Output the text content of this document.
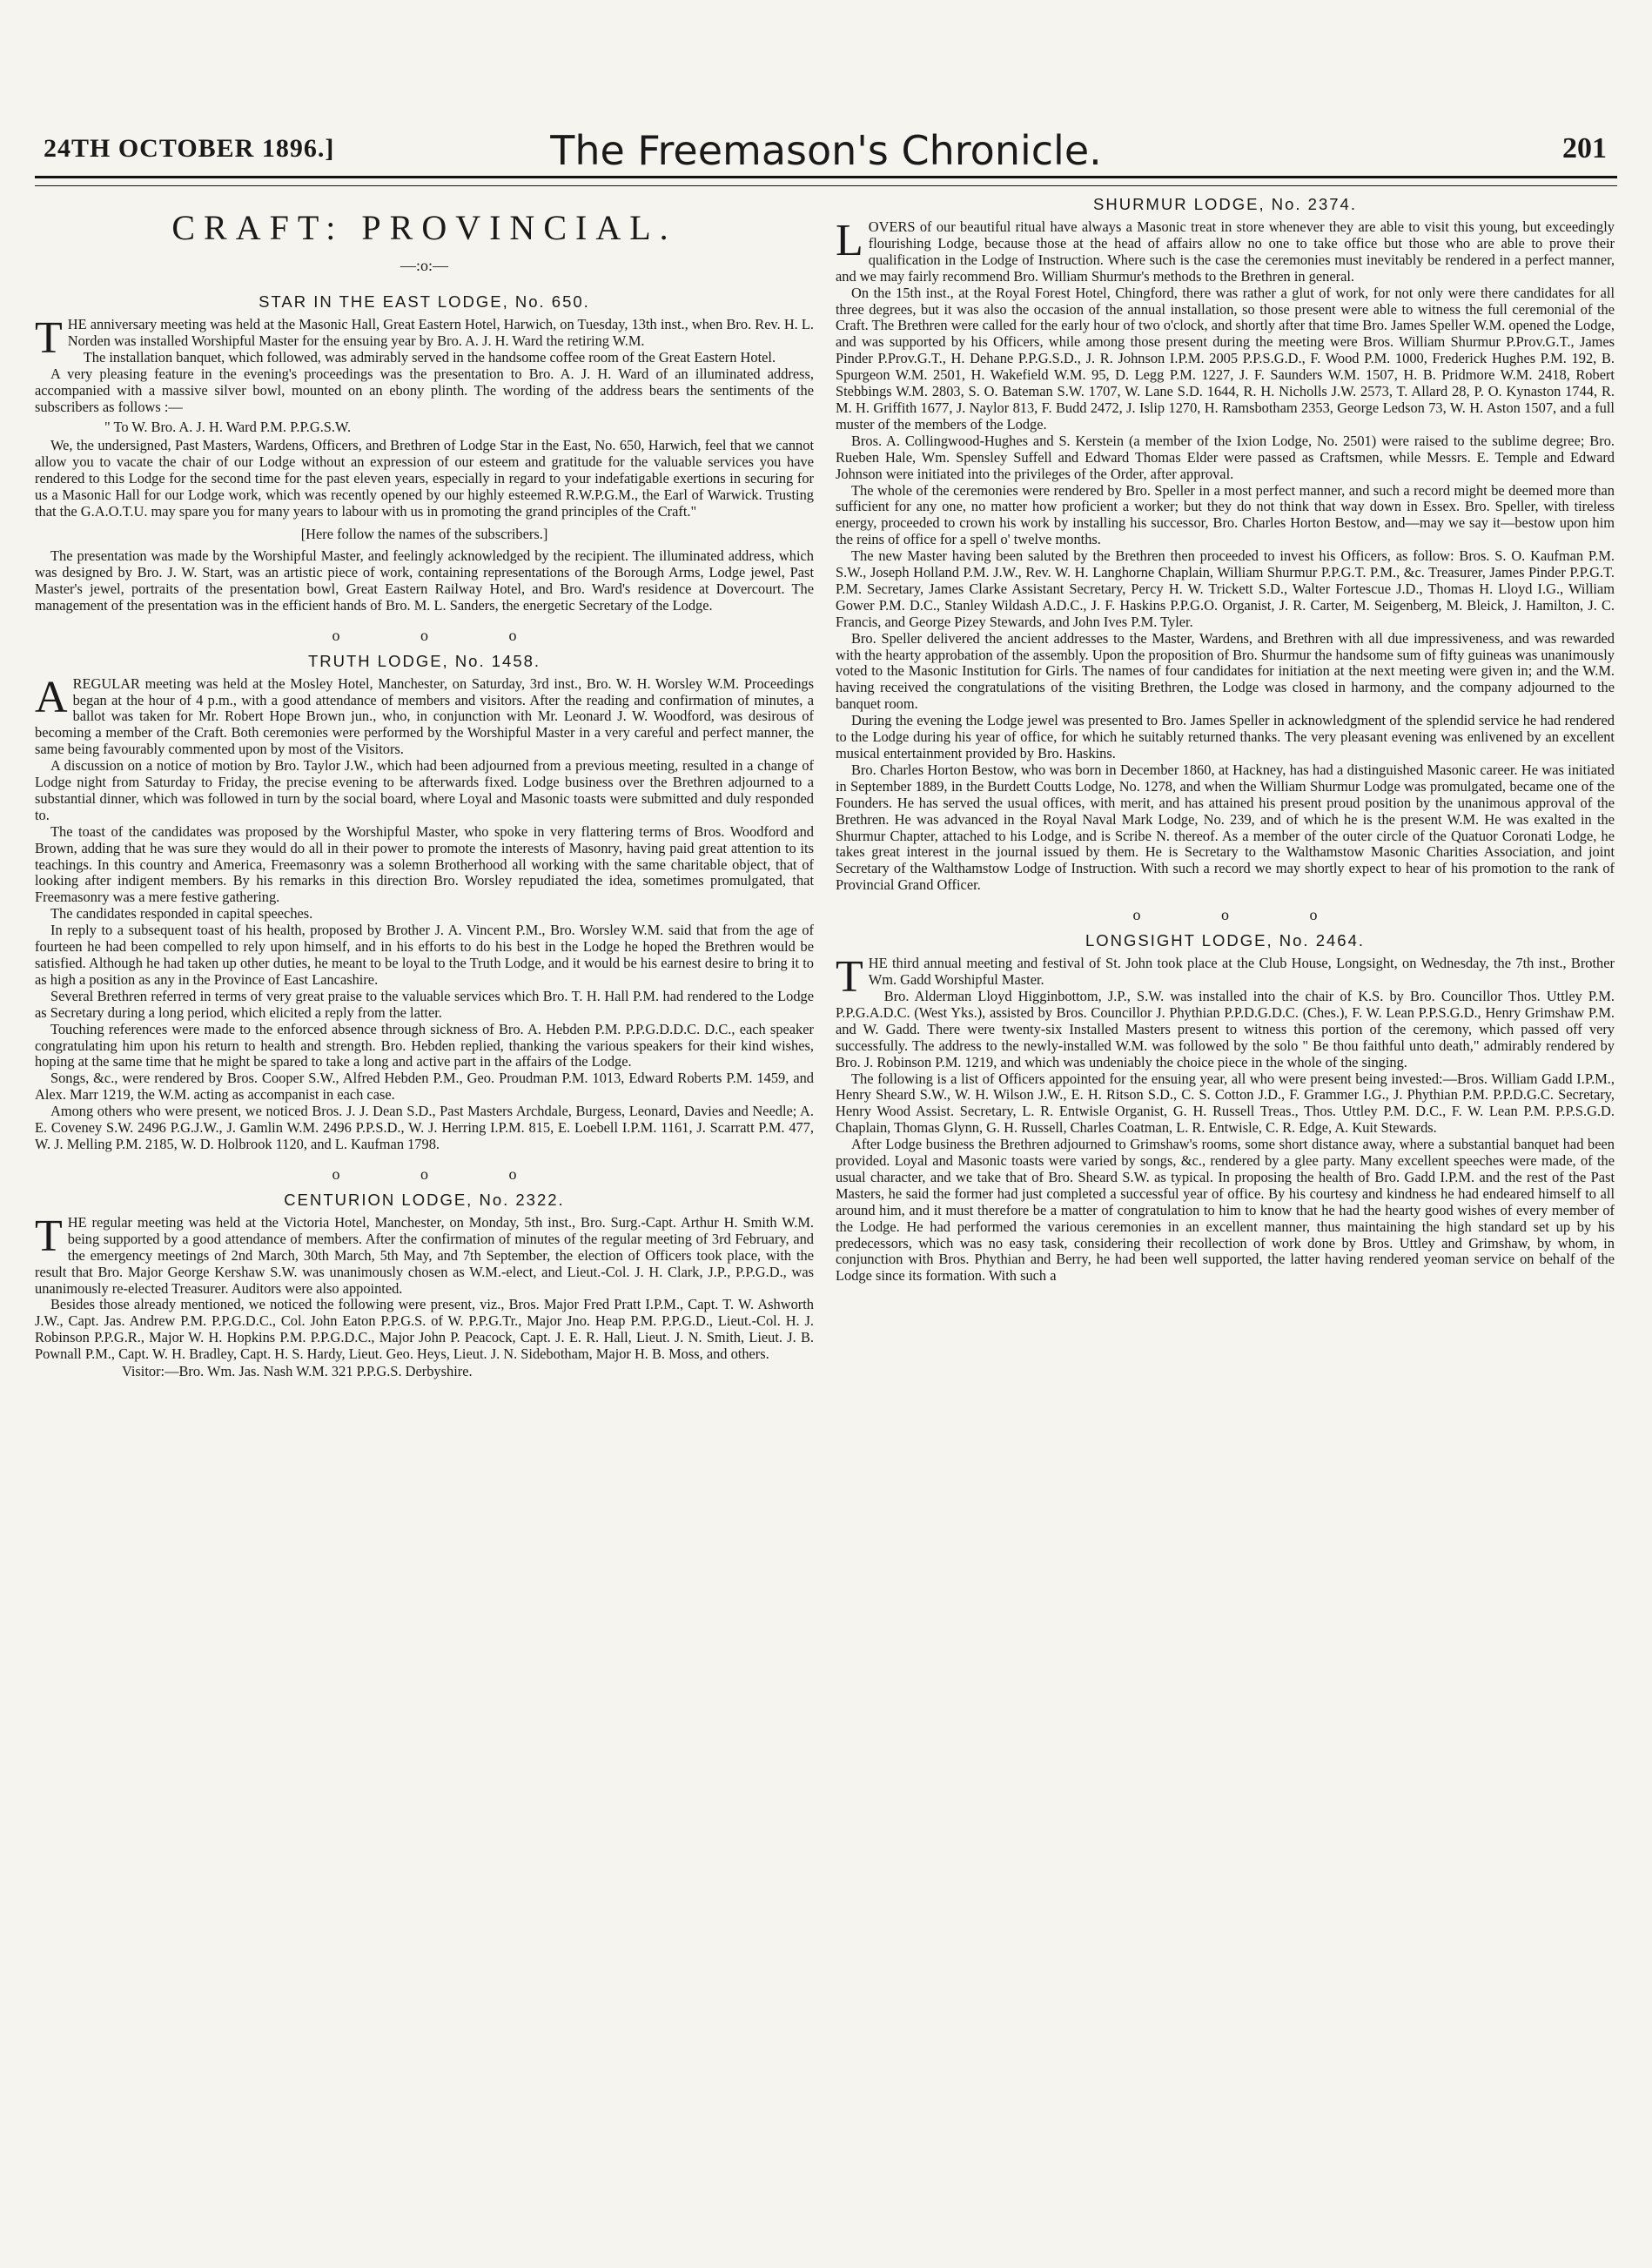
24TH OCTOBER 1896.]	The Freemason's Chronicle.	201
CRAFT: PROVINCIAL.
—:o:—
STAR IN THE EAST LODGE, No. 650.

THE anniversary meeting was held at the Masonic Hall, Great Eastern Hotel, Harwich, on Tuesday, 13th inst., when Bro. Rev. H. L. Norden was installed Worshipful Master for the ensuing year by Bro. A. J. H. Ward the retiring W.M.

The installation banquet, which followed, was admirably served in the handsome coffee room of the Great Eastern Hotel.

A very pleasing feature in the evening's proceedings was the presentation to Bro. A. J. H. Ward of an illuminated address, accompanied with a massive silver bowl, mounted on an ebony plinth. The wording of the address bears the sentiments of the subscribers as follows :—

" To W. Bro. A. J. H. Ward P.M. P.P.G.S.W.

We, the undersigned, Past Masters, Wardens, Officers, and Brethren of Lodge Star in the East, No. 650, Harwich, feel that we cannot allow you to vacate the chair of our Lodge without an expression of our esteem and gratitude for the valuable services you have rendered to this Lodge for the second time for the past eleven years, especially in regard to your indefatigable exertions in securing for us a Masonic Hall for our Lodge work, which was recently opened by our highly esteemed R.W.P.G.M., the Earl of Warwick. Trusting that the G.A.O.T.U. may spare you for many years to labour with us in promoting the grand principles of the Craft."

[Here follow the names of the subscribers.]

The presentation was made by the Worshipful Master, and feelingly acknowledged by the recipient. The illuminated address, which was designed by Bro. J. W. Start, was an artistic piece of work, containing representations of the Borough Arms, Lodge jewel, Past Master's jewel, portraits of the presentation bowl, Great Eastern Railway Hotel, and Bro. Ward's residence at Dovercourt. The management of the presentation was in the efficient hands of Bro. M. L. Sanders, the energetic Secretary of the Lodge.

o o o
TRUTH LODGE, No. 1458.

AREGULAR meeting was held at the Mosley Hotel, Manchester, on Saturday, 3rd inst., Bro. W. H. Worsley W.M. Proceedings began at the hour of 4 p.m., with a good attendance of members and visitors. After the reading and confirmation of minutes, a ballot was taken for Mr. Robert Hope Brown jun., who, in conjunction with Mr. Leonard J. W. Woodford, was desirous of becoming a member of the Craft. Both ceremonies were performed by the Worshipful Master in a very careful and perfect manner, the same being favourably commented upon by most of the Visitors.

A discussion on a notice of motion by Bro. Taylor J.W., which had been adjourned from a previous meeting, resulted in a change of Lodge night from Saturday to Friday, the precise evening to be afterwards fixed. Lodge business over the Brethren adjourned to a substantial dinner, which was followed in turn by the social board, where Loyal and Masonic toasts were submitted and duly responded to.

The toast of the candidates was proposed by the Worshipful Master, who spoke in very flattering terms of Bros. Woodford and Brown, adding that he was sure they would do all in their power to promote the interests of Masonry, having paid great attention to its teachings. In this country and America, Freemasonry was a solemn Brotherhood all working with the same charitable object, that of looking after indigent members. By his remarks in this direction Bro. Worsley repudiated the idea, sometimes promulgated, that Freemasonry was a mere festive gathering.

The candidates responded in capital speeches.

In reply to a subsequent toast of his health, proposed by Brother J. A. Vincent P.M., Bro. Worsley W.M. said that from the age of fourteen he had been compelled to rely upon himself, and in his efforts to do his best in the Lodge he hoped the Brethren would be satisfied. Although he had taken up other duties, he meant to be loyal to the Truth Lodge, and it would be his earnest desire to bring it to as high a position as any in the Province of East Lancashire.

Several Brethren referred in terms of very great praise to the valuable services which Bro. T. H. Hall P.M. had rendered to the Lodge as Secretary during a long period, which elicited a reply from the latter.

Touching references were made to the enforced absence through sickness of Bro. A. Hebden P.M. P.P.G.D.D.C. D.C., each speaker congratulating him upon his return to health and strength. Bro. Hebden replied, thanking the various speakers for their kind wishes, hoping at the same time that he might be spared to take a long and active part in the affairs of the Lodge.

Songs, &c., were rendered by Bros. Cooper S.W., Alfred Hebden P.M., Geo. Proudman P.M. 1013, Edward Roberts P.M. 1459, and Alex. Marr 1219, the W.M. acting as accompanist in each case.

Among others who were present, we noticed Bros. J. J. Dean S.D., Past Masters Archdale, Burgess, Leonard, Davies and Needle; A. E. Coveney S.W. 2496 P.G.J.W., J. Gamlin W.M. 2496 P.P.S.D., W. J. Herring I.P.M. 815, E. Loebell I.P.M. 1161, J. Scarratt P.M. 477, W. J. Melling P.M. 2185, W. D. Holbrook 1120, and L. Kaufman 1798.

o o o
CENTURION LODGE, No. 2322.

THE regular meeting was held at the Victoria Hotel, Manchester, on Monday, 5th inst., Bro. Surg.-Capt. Arthur H. Smith W.M. being supported by a good attendance of members. After the confirmation of minutes of the regular meeting of 3rd February, and the emergency meetings of 2nd March, 30th March, 5th May, and 7th September, the election of Officers took place, with the result that Bro. Major George Kershaw S.W. was unanimously chosen as W.M.-elect, and Lieut.-Col. J. H. Clark, J.P., P.P.G.D., was unanimously re-elected Treasurer. Auditors were also appointed.

Besides those already mentioned, we noticed the following were present, viz., Bros. Major Fred Pratt I.P.M., Capt. T. W. Ashworth J.W., Capt. Jas. Andrew P.M. P.P.G.D.C., Col. John Eaton P.P.G.S. of W. P.P.G.Tr., Major Jno. Heap P.M. P.P.G.D., Lieut.-Col. H. J. Robinson P.P.G.R., Major W. H. Hopkins P.M. P.P.G.D.C., Major John P. Peacock, Capt. J. E. R. Hall, Lieut. J. N. Smith, Lieut. J. B. Pownall P.M., Capt. W. H. Bradley, Capt. H. S. Hardy, Lieut. Geo. Heys, Lieut. J. N. Sidebotham, Major H. B. Moss, and others.

Visitor:—Bro. Wm. Jas. Nash W.M. 321 P.P.G.S. Derbyshire.

SHURMUR LODGE, No. 2374.

LOVERS of our beautiful ritual have always a Masonic treat in store whenever they are able to visit this young, but exceedingly flourishing Lodge, because those at the head of affairs allow no one to take office but those who are able to prove their qualification in the Lodge of Instruction. Where such is the case the ceremonies must inevitably be rendered in a perfect manner, and we may fairly recommend Bro. William Shurmur's methods to the Brethren in general.

On the 15th inst., at the Royal Forest Hotel, Chingford, there was rather a glut of work, for not only were there candidates for all three degrees, but it was also the occasion of the annual installation, so those present were able to witness the full ceremonial of the Craft. The Brethren were called for the early hour of two o'clock, and shortly after that time Bro. James Speller W.M. opened the Lodge, and was supported by his Officers, while among those present during the meeting were Bros. William Shurmur P.Prov.G.T., James Pinder P.Prov.G.T., H. Dehane P.P.G.S.D., J. R. Johnson I.P.M. 2005 P.P.S.G.D., F. Wood P.M. 1000, Frederick Hughes P.M. 192, B. Spurgeon W.M. 2501, H. Wakefield W.M. 95, D. Legg P.M. 1227, J. F. Saunders W.M. 1507, H. B. Pridmore W.M. 2418, Robert Stebbings W.M. 2803, S. O. Bateman S.W. 1707, W. Lane S.D. 1644, R. H. Nicholls J.W. 2573, T. Allard 28, P. O. Kynaston 1744, R. M. H. Griffith 1677, J. Naylor 813, F. Budd 2472, J. Islip 1270, H. Ramsbotham 2353, George Ledson 73, W. H. Aston 1507, and a full muster of the members of the Lodge.

Bros. A. Collingwood-Hughes and S. Kerstein (a member of the Ixion Lodge, No. 2501) were raised to the sublime degree; Bro. Rueben Hale, Wm. Spensley Suffell and Edward Thomas Elder were passed as Craftsmen, while Messrs. E. Temple and Edward Johnson were initiated into the privileges of the Order, after approval.

The whole of the ceremonies were rendered by Bro. Speller in a most perfect manner, and such a record might be deemed more than sufficient for any one, no matter how proficient a worker; but they do not think that way down in Essex. Bro. Speller, with tireless energy, proceeded to crown his work by installing his successor, Bro. Charles Horton Bestow, and—may we say it—bestow upon him the reins of office for a spell o' twelve months.

The new Master having been saluted by the Brethren then proceeded to invest his Officers, as follow: Bros. S. O. Kaufman P.M. S.W., Joseph Holland P.M. J.W., Rev. W. H. Langhorne Chaplain, William Shurmur P.P.G.T. P.M., &c. Treasurer, James Pinder P.P.G.T. P.M. Secretary, James Clarke Assistant Secretary, Percy H. W. Trickett S.D., Walter Fortescue J.D., Thomas H. Lloyd I.G., William Gower P.M. D.C., Stanley Wildash A.D.C., J. F. Haskins P.P.G.O. Organist, J. R. Carter, M. Seigenberg, M. Bleick, J. Hamilton, J. C. Francis, and George Pizey Stewards, and John Ives P.M. Tyler.

Bro. Speller delivered the ancient addresses to the Master, Wardens, and Brethren with all due impressiveness, and was rewarded with the hearty approbation of the assembly. Upon the proposition of Bro. Shurmur the handsome sum of fifty guineas was unanimously voted to the Masonic Institution for Girls. The names of four candidates for initiation at the next meeting were given in; and the W.M. having received the congratulations of the visiting Brethren, the Lodge was closed in harmony, and the company adjourned to the banquet room.

During the evening the Lodge jewel was presented to Bro. James Speller in acknowledgment of the splendid service he had rendered to the Lodge during his year of office, for which he suitably returned thanks. The very pleasant evening was enlivened by an excellent musical entertainment provided by Bro. Haskins.

Bro. Charles Horton Bestow, who was born in December 1860, at Hackney, has had a distinguished Masonic career. He was initiated in September 1889, in the Burdett Coutts Lodge, No. 1278, and when the William Shurmur Lodge was promulgated, became one of the Founders. He has served the usual offices, with merit, and has attained his present proud position by the unanimous approval of the Brethren. He was advanced in the Royal Naval Mark Lodge, No. 239, and of which he is the present W.M. He was exalted in the Shurmur Chapter, attached to his Lodge, and is Scribe N. thereof. As a member of the outer circle of the Quatuor Coronati Lodge, he takes great interest in the journal issued by them. He is Secretary to the Walthamstow Masonic Charities Association, and joint Secretary of the Walthamstow Lodge of Instruction. With such a record we may shortly expect to hear of his promotion to the rank of Provincial Grand Officer.

o o o
LONGSIGHT LODGE, No. 2464.

THE third annual meeting and festival of St. John took place at the Club House, Longsight, on Wednesday, the 7th inst., Brother Wm. Gadd Worshipful Master.

Bro. Alderman Lloyd Higginbottom, J.P., S.W. was installed into the chair of K.S. by Bro. Councillor Thos. Uttley P.M. P.P.G.A.D.C. (West Yks.), assisted by Bros. Councillor J. Phythian P.P.D.G.D.C. (Ches.), F. W. Lean P.P.S.G.D., Henry Grimshaw P.M. and W. Gadd. There were twenty-six Installed Masters present to witness this portion of the ceremony, which passed off very successfully. The address to the newly-installed W.M. was followed by the solo " Be thou faithful unto death," admirably rendered by Bro. J. Robinson P.M. 1219, and which was undeniably the choice piece in the whole of the singing.

The following is a list of Officers appointed for the ensuing year, all who were present being invested:—Bros. William Gadd I.P.M., Henry Sheard S.W., W. H. Wilson J.W., E. H. Ritson S.D., C. S. Cotton J.D., F. Grammer I.G., J. Phythian P.M. P.P.D.G.C. Secretary, Henry Wood Assist. Secretary, L. R. Entwisle Organist, G. H. Russell Treas., Thos. Uttley P.M. D.C., F. W. Lean P.M. P.P.S.G.D. Chaplain, Thomas Glynn, G. H. Russell, Charles Coatman, L. R. Entwisle, C. R. Edge, A. Kuit Stewards.

After Lodge business the Brethren adjourned to Grimshaw's rooms, some short distance away, where a substantial banquet had been provided. Loyal and Masonic toasts were varied by songs, &c., rendered by a glee party. Many excellent speeches were made, of the usual character, and we take that of Bro. Sheard S.W. as typical. In proposing the health of Bro. Gadd I.P.M. and the rest of the Past Masters, he said the former had just completed a successful year of office. By his courtesy and kindness he had endeared himself to all around him, and it must therefore be a matter of congratulation to him to know that he had the hearty good wishes of every member of the Lodge. He had performed the various ceremonies in an excellent manner, thus maintaining the high standard set up by his predecessors, which was no easy task, considering their recollection of work done by Bros. Uttley and Grimshaw, by whom, in conjunction with Bros. Phythian and Berry, he had been well supported, the latter having rendered yeoman service on behalf of the Lodge since its formation. With such a
